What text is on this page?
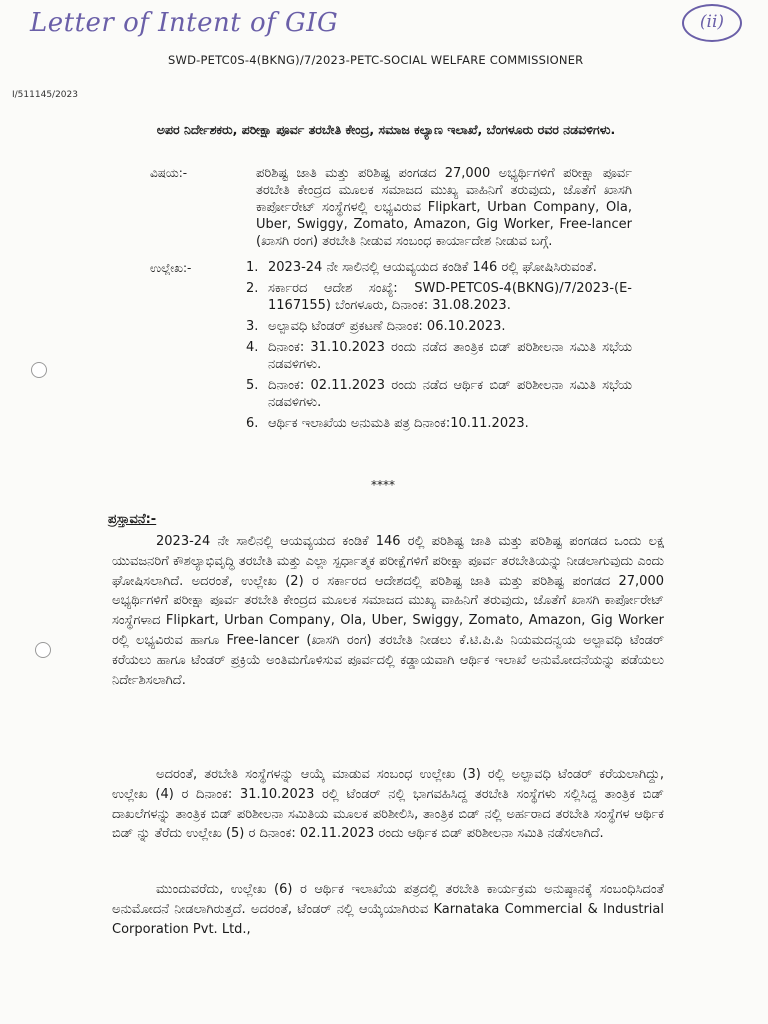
Letter of Intent of GIG	(ii)
SWD-PETC0S-4(BKNG)/7/2023-PETC-SOCIAL WELFARE COMMISSIONER
I/511145/2023
ಅಪರ ನಿರ್ದೇಶಕರು, ಪರೀಕ್ಷಾ ಪೂರ್ವ ತರಬೇತಿ ಕೇಂದ್ರ, ಸಮಾಜ ಕಲ್ಯಾಣ ಇಲಾಖೆ, ಬೆಂಗಳೂರು ರವರ ನಡವಳಿಗಳು.
ವಿಷಯ:-	ಪರಿಶಿಷ್ಟ ಜಾತಿ ಮತ್ತು ಪರಿಶಿಷ್ಟ ಪಂಗಡದ 27,000 ಅಭ್ಯರ್ಥಿಗಳಿಗೆ ಪರೀಕ್ಷಾ ಪೂರ್ವ ತರಬೇತಿ ಕೇಂದ್ರದ ಮೂಲಕ ಸಮಾಜದ ಮುಖ್ಯ ವಾಹಿನಿಗೆ ತರುವುದು, ಜೊತೆಗೆ ಖಾಸಗಿ ಕಾರ್ಪೋರೇಟ್ ಸಂಸ್ಥೆಗಳಲ್ಲಿ ಲಭ್ಯವಿರುವ Flipkart, Urban Company, Ola, Uber, Swiggy, Zomato, Amazon, Gig Worker, Free-lancer (ಖಾಸಗಿ ರಂಗ) ತರಬೇತಿ ನೀಡುವ ಸಂಬಂಧ ಕಾರ್ಯಾದೇಶ ನೀಡುವ ಬಗ್ಗೆ.
ಉಲ್ಲೇಖ:-	1. 2023-24 ನೇ ಸಾಲಿನಲ್ಲಿ ಆಯವ್ಯಯದ ಕಂಡಿಕೆ 146 ರಲ್ಲಿ ಘೋಷಿಸಿರುವಂತೆ.
2. ಸರ್ಕಾರದ ಆದೇಶ ಸಂಖ್ಯೆ: SWD-PETC0S-4(BKNG)/7/2023-(E-1167155) ಬೆಂಗಳೂರು, ದಿನಾಂಕ: 31.08.2023.
3. ಅಲ್ಪಾವಧಿ ಟೆಂಡರ್ ಪ್ರಕಟಣೆ ದಿನಾಂಕ: 06.10.2023.
4. ದಿನಾಂಕ: 31.10.2023 ರಂದು ನಡೆದ ತಾಂತ್ರಿಕ ಬಿಡ್ ಪರಿಶೀಲನಾ ಸಮಿತಿ ಸಭೆಯ ನಡವಳಿಗಳು.
5. ದಿನಾಂಕ: 02.11.2023 ರಂದು ನಡೆದ ಆರ್ಥಿಕ ಬಿಡ್ ಪರಿಶೀಲನಾ ಸಮಿತಿ ಸಭೆಯ ನಡವಳಿಗಳು.
6. ಆರ್ಥಿಕ ಇಲಾಖೆಯ ಅನುಮತಿ ಪತ್ರ ದಿನಾಂಕ:10.11.2023.
****
ಪ್ರಸ್ತಾವನೆ:-

2023-24 ನೇ ಸಾಲಿನಲ್ಲಿ ಆಯವ್ಯಯದ ಕಂಡಿಕೆ 146 ರಲ್ಲಿ ಪರಿಶಿಷ್ಟ ಜಾತಿ ಮತ್ತು ಪರಿಶಿಷ್ಟ ಪಂಗಡದ ಒಂದು ಲಕ್ಷ ಯುವಜನರಿಗೆ ಕೌಶಲ್ಯಾಭಿವೃದ್ಧಿ ತರಬೇತಿ ಮತ್ತು ಎಲ್ಲಾ ಸ್ಪರ್ಧಾತ್ಮಕ ಪರೀಕ್ಷೆಗಳಿಗೆ ಪರೀಕ್ಷಾ ಪೂರ್ವ ತರಬೇತಿಯನ್ನು ನೀಡಲಾಗುವುದು ಎಂದು ಘೋಷಿಸಲಾಗಿದೆ. ಅದರಂತೆ, ಉಲ್ಲೇಖ (2) ರ ಸರ್ಕಾರದ ಆದೇಶದಲ್ಲಿ ಪರಿಶಿಷ್ಟ ಜಾತಿ ಮತ್ತು ಪರಿಶಿಷ್ಟ ಪಂಗಡದ 27,000 ಅಭ್ಯರ್ಥಿಗಳಿಗೆ ಪರೀಕ್ಷಾ ಪೂರ್ವ ತರಬೇತಿ ಕೇಂದ್ರದ ಮೂಲಕ ಸಮಾಜದ ಮುಖ್ಯ ವಾಹಿನಿಗೆ ತರುವುದು, ಜೊತೆಗೆ ಖಾಸಗಿ ಕಾರ್ಪೋರೇಟ್ ಸಂಸ್ಥೆಗಳಾದ Flipkart, Urban Company, Ola, Uber, Swiggy, Zomato, Amazon, Gig Worker ರಲ್ಲಿ ಲಭ್ಯವಿರುವ ಹಾಗೂ Free-lancer (ಖಾಸಗಿ ರಂಗ) ತರಬೇತಿ ನೀಡಲು ಕೆ.ಟಿ.ಪಿ.ಪಿ ನಿಯಮದನ್ವಯ ಅಲ್ಪಾವಧಿ ಟೆಂಡರ್ ಕರೆಯಲು ಹಾಗೂ ಟೆಂಡರ್ ಪ್ರಕ್ರಿಯೆ ಅಂತಿಮಗೊಳಿಸುವ ಪೂರ್ವದಲ್ಲಿ ಕಡ್ಡಾಯವಾಗಿ ಆರ್ಥಿಕ ಇಲಾಖೆ ಅನುಮೋದನೆಯನ್ನು ಪಡೆಯಲು ನಿರ್ದೇಶಿಸಲಾಗಿದೆ.

ಅದರಂತೆ, ತರಬೇತಿ ಸಂಸ್ಥೆಗಳನ್ನು ಆಯ್ಕೆ ಮಾಡುವ ಸಂಬಂಧ ಉಲ್ಲೇಖ (3) ರಲ್ಲಿ ಅಲ್ಪಾವಧಿ ಟೆಂಡರ್ ಕರೆಯಲಾಗಿದ್ದು, ಉಲ್ಲೇಖ (4) ರ ದಿನಾಂಕ: 31.10.2023 ರಲ್ಲಿ ಟೆಂಡರ್ ನಲ್ಲಿ ಭಾಗವಹಿಸಿದ್ದ ತರಬೇತಿ ಸಂಸ್ಥೆಗಳು ಸಲ್ಲಿಸಿದ್ದ ತಾಂತ್ರಿಕ ಬಿಡ್ ದಾಖಲೆಗಳನ್ನು ತಾಂತ್ರಿಕ ಬಿಡ್ ಪರಿಶೀಲನಾ ಸಮಿತಿಯ ಮೂಲಕ ಪರಿಶೀಲಿಸಿ, ತಾಂತ್ರಿಕ ಬಿಡ್ ನಲ್ಲಿ ಅರ್ಹರಾದ ತರಬೇತಿ ಸಂಸ್ಥೆಗಳ ಆರ್ಥಿಕ ಬಿಡ್ ನ್ನು ತೆರೆದು ಉಲ್ಲೇಖ (5) ರ ದಿನಾಂಕ: 02.11.2023 ರಂದು ಆರ್ಥಿಕ ಬಿಡ್ ಪರಿಶೀಲನಾ ಸಮಿತಿ ನಡೆಸಲಾಗಿದೆ.

ಮುಂದುವರೆದು, ಉಲ್ಲೇಖ (6) ರ ಆರ್ಥಿಕ ಇಲಾಖೆಯ ಪತ್ರದಲ್ಲಿ ತರಬೇತಿ ಕಾರ್ಯಕ್ರಮ ಅನುಷ್ಠಾನಕ್ಕೆ ಸಂಬಂಧಿಸಿದಂತೆ ಅನುಮೋದನೆ ನೀಡಲಾಗಿರುತ್ತದೆ. ಅದರಂತೆ, ಟೆಂಡರ್ ನಲ್ಲಿ ಆಯ್ಕೆಯಾಗಿರುವ Karnataka Commercial & Industrial Corporation Pvt. Ltd.,
